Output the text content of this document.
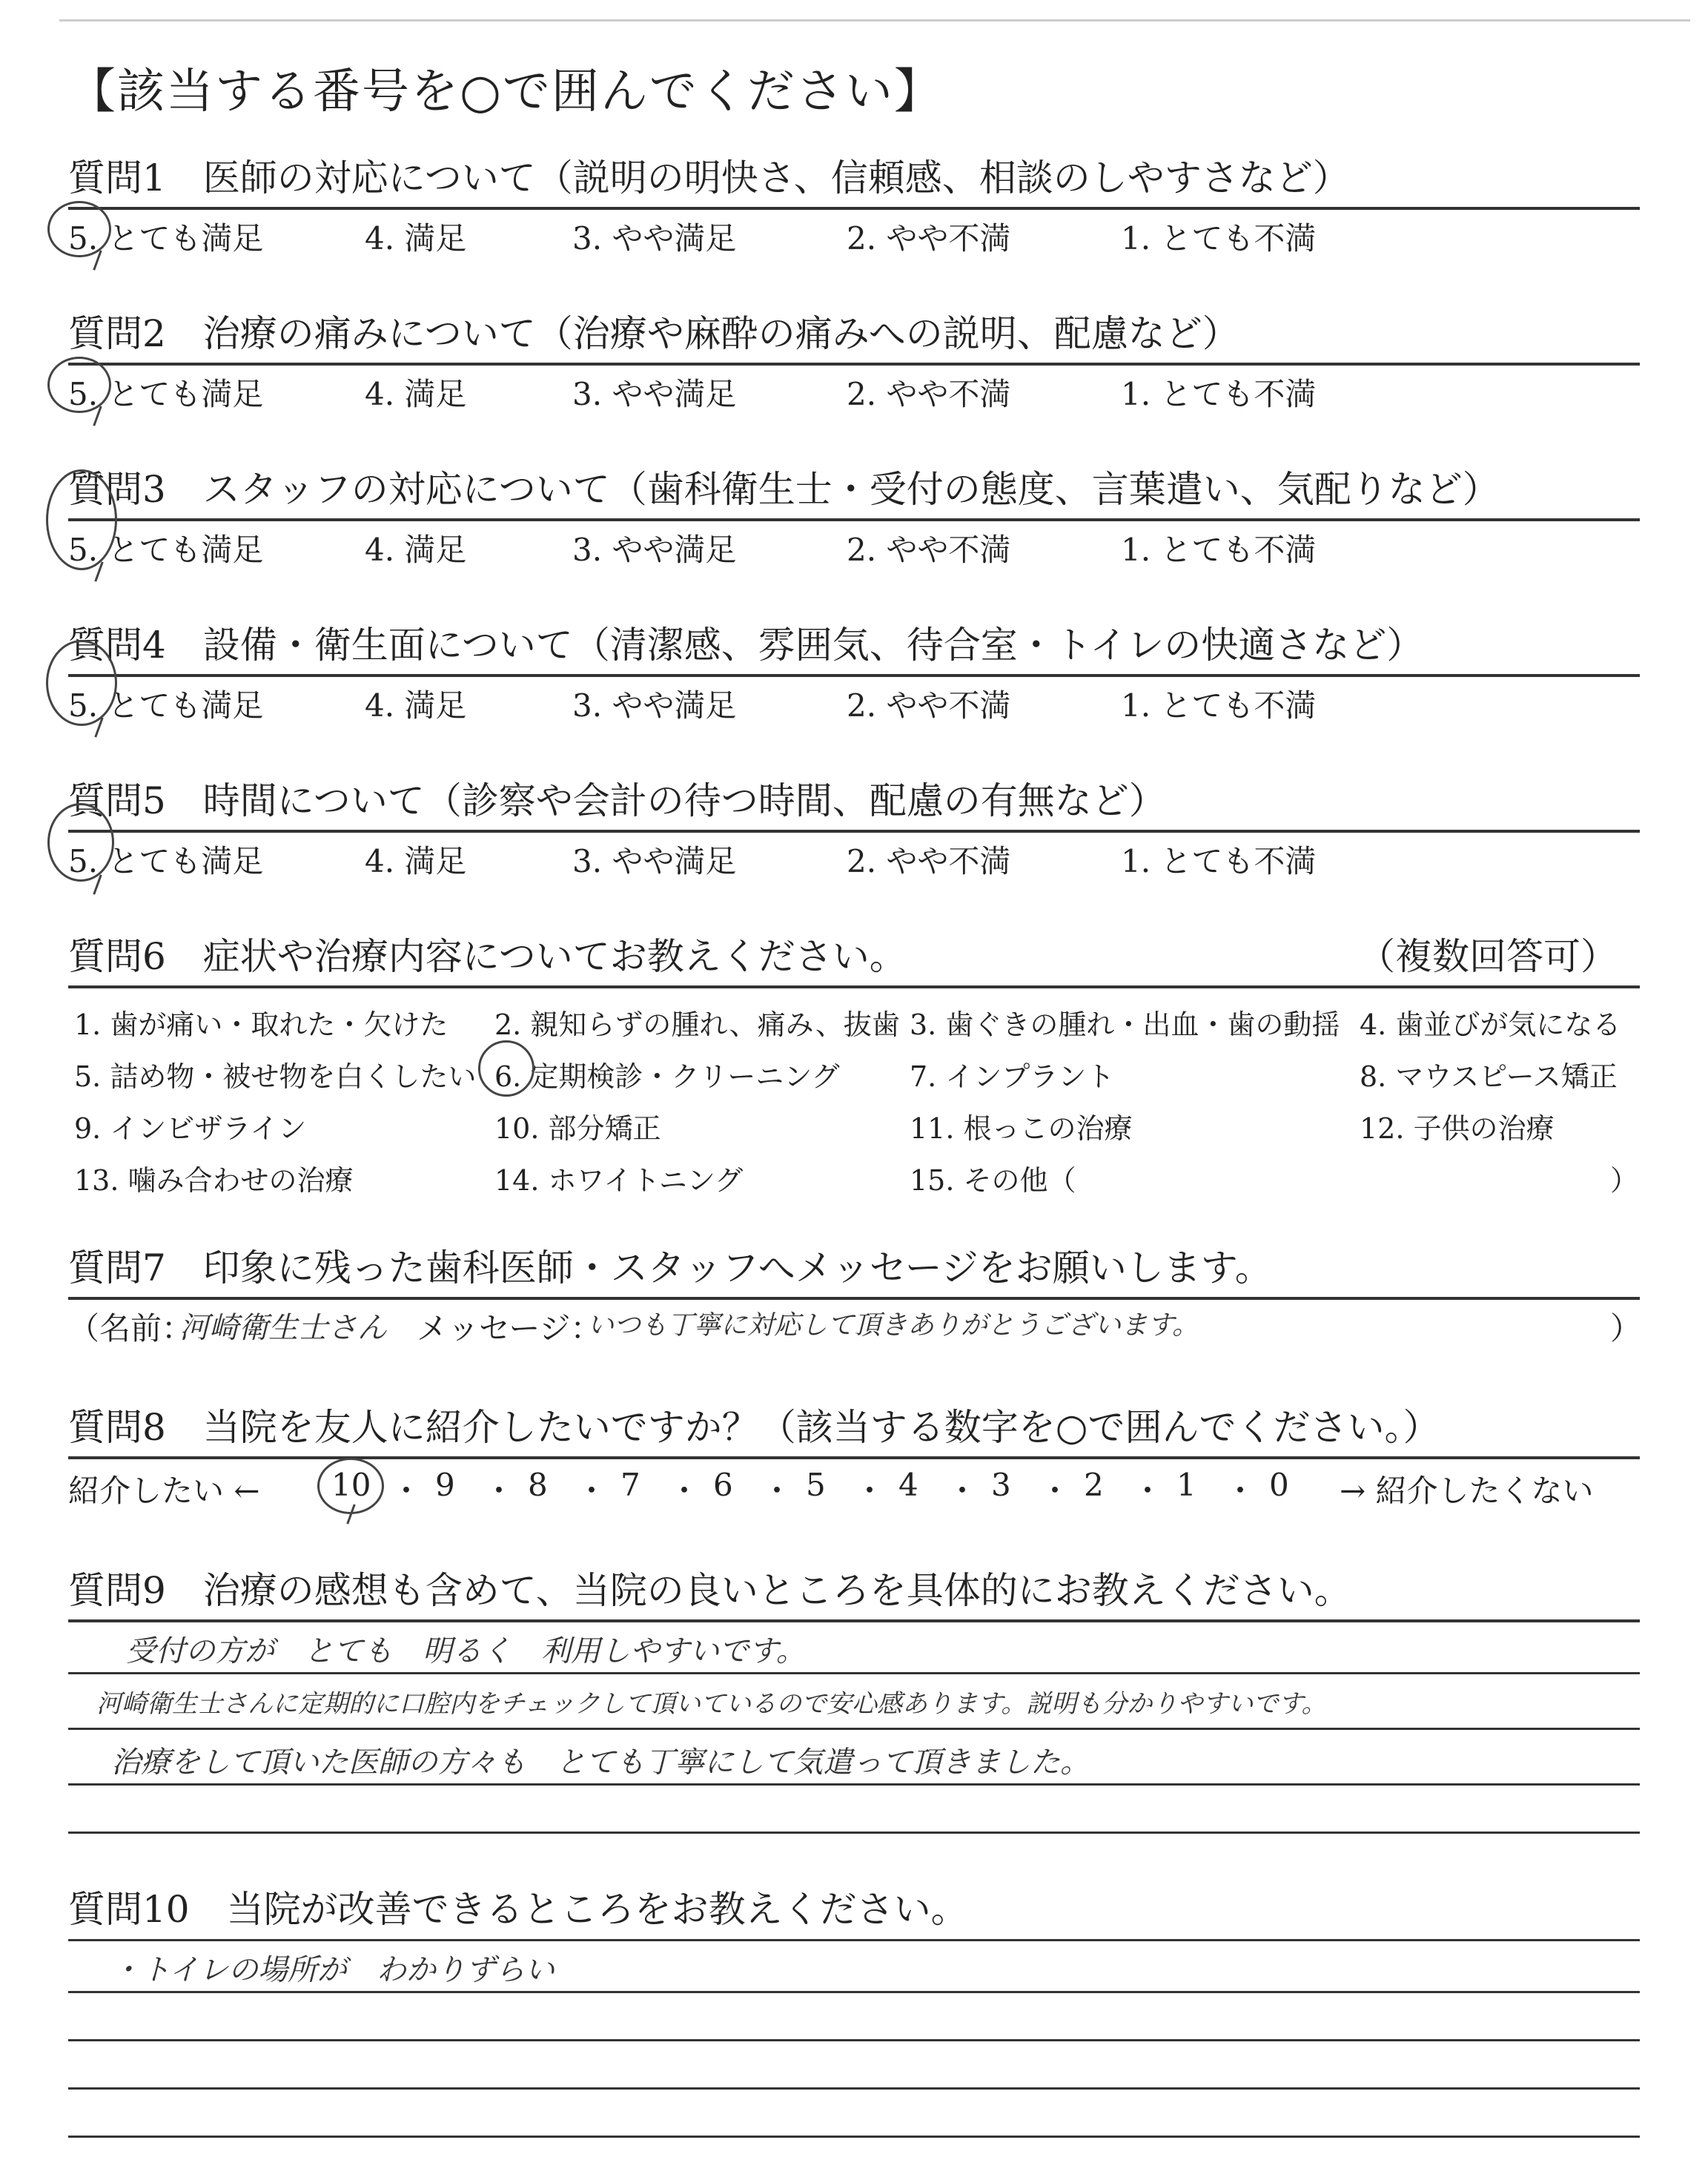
【該当する番号を○で囲んでください】
質問1　医師の対応について（説明の明快さ、信頼感、相談のしやすさなど）
5. とても満足	4. 満足	3. やや満足	2. やや不満	1. とても不満
質問2　治療の痛みについて（治療や麻酔の痛みへの説明、配慮など）
5. とても満足	4. 満足	3. やや満足	2. やや不満	1. とても不満
質問3　スタッフの対応について（歯科衛生士・受付の態度、言葉遣い、気配りなど）
5. とても満足	4. 満足	3. やや満足	2. やや不満	1. とても不満
質問4　設備・衛生面について（清潔感、雰囲気、待合室・トイレの快適さなど）
5. とても満足	4. 満足	3. やや満足	2. やや不満	1. とても不満
質問5　時間について（診察や会計の待つ時間、配慮の有無など）
5. とても満足	4. 満足	3. やや満足	2. やや不満	1. とても不満
質問6　症状や治療内容についてお教えください。	（複数回答可）
1. 歯が痛い・取れた・欠けた 2. 親知らずの腫れ、痛み、抜歯 3. 歯ぐきの腫れ・出血・歯の動揺 4. 歯並びが気になる
5. 詰め物・被せ物を白くしたい 6. 定期検診・クリーニング 7. インプラント	8. マウスピース矯正
9. インビザライン	10. 部分矯正	11. 根っこの治療	12. 子供の治療
13. 噛み合わせの治療	14. ホワイトニング	15. その他（	）
質問7　印象に残った歯科医師・スタッフへメッセージをお願いします。
（名前：
河崎衛生士さん メッセージ：
いつも丁寧に対応して頂きありがとうございます。	）
質問8　当院を友人に紹介したいですか？（該当する数字を○で囲んでください。）
紹介したい ← 10 ・ 9 ・ 8 ・ 7 ・ 6 ・ 5 ・ 4 ・ 3 ・ 2 ・ 1 ・ 0 → 紹介したくない
質問9　治療の感想も含めて、当院の良いところを具体的にお教えください。
受付の方が　とても　明るく　利用しやすいです。
河崎衛生士さんに定期的に口腔内をチェックして頂いているので安心感あります。説明も分かりやすいです。
治療をして頂いた医師の方々も　とても丁寧にして気遣って頂きました。
質問10　当院が改善できるところをお教えください。
・トイレの場所が　わかりずらい
